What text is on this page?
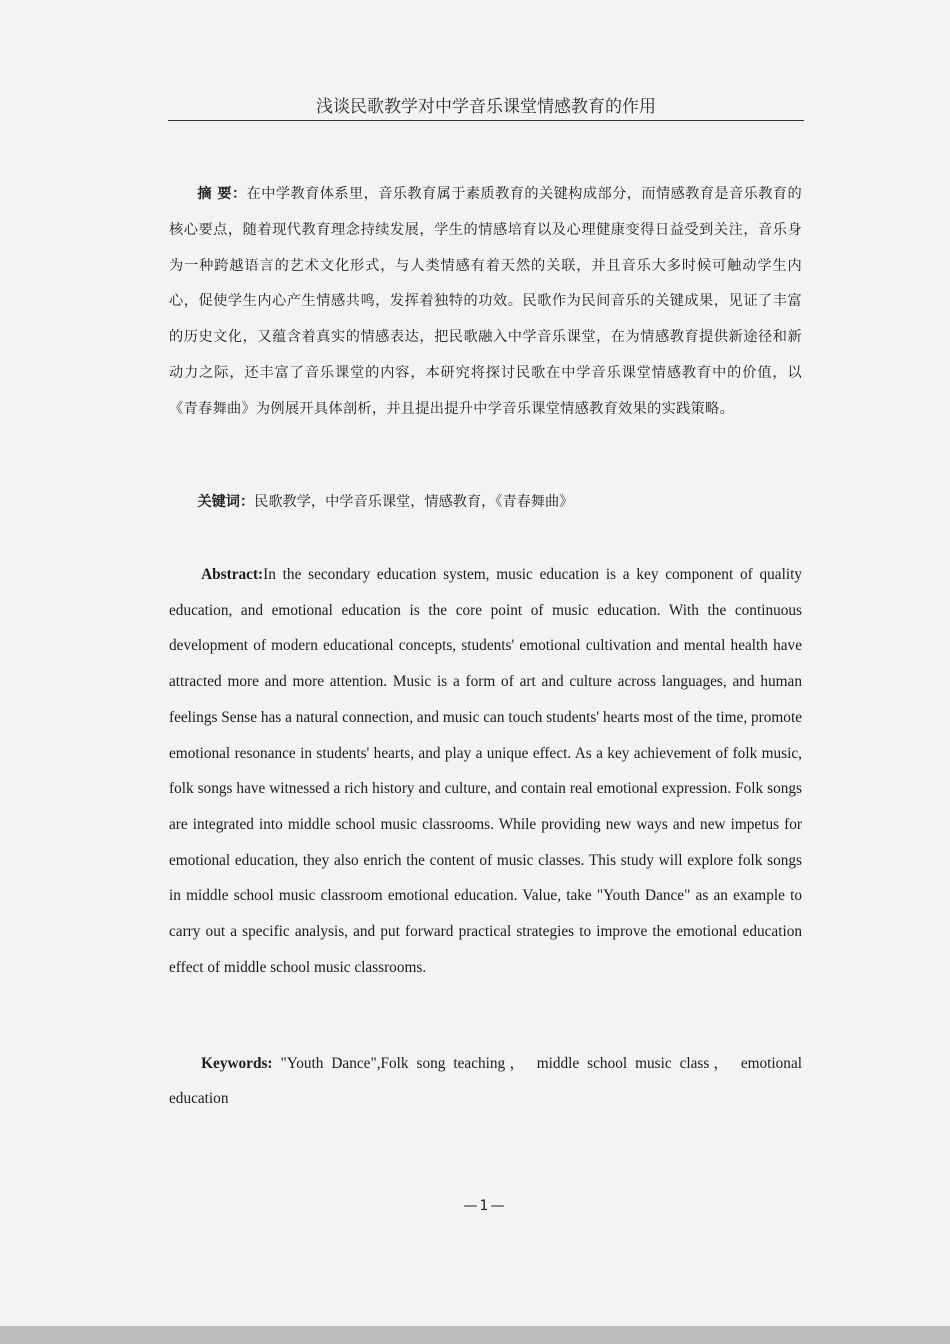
浅谈民歌教学对中学音乐课堂情感教育的作用

摘 要：在中学教育体系里，音乐教育属于素质教育的关键构成部分，而情感教育是音乐教育的核心要点，随着现代教育理念持续发展，学生的情感培育以及心理健康变得日益受到关注，音乐身为一种跨越语言的艺术文化形式，与人类情感有着天然的关联，并且音乐大多时候可触动学生内心，促使学生内心产生情感共鸣，发挥着独特的功效。民歌作为民间音乐的关键成果，见证了丰富的历史文化，又蕴含着真实的情感表达，把民歌融入中学音乐课堂，在为情感教育提供新途径和新动力之际，还丰富了音乐课堂的内容，本研究将探讨民歌在中学音乐课堂情感教育中的价值，以《青春舞曲》为例展开具体剖析，并且提出提升中学音乐课堂情感教育效果的实践策略。

关键词：民歌教学，中学音乐课堂，情感教育，《青春舞曲》

Abstract:In the secondary education system, music education is a key component of quality education, and emotional education is the core point of music education. With the continuous development of modern educational concepts, students' emotional cultivation and mental health have attracted more and more attention. Music is a form of art and culture across languages, and human feelings Sense has a natural connection, and music can touch students' hearts most of the time, promote emotional resonance in students' hearts, and play a unique effect. As a key achievement of folk music, folk songs have witnessed a rich history and culture, and contain real emotional expression. Folk songs are integrated into middle school music classrooms. While providing new ways and new impetus for emotional education, they also enrich the content of music classes. This study will explore folk songs in middle school music classroom emotional education. Value, take "Youth Dance" as an example to carry out a specific analysis, and put forward practical strategies to improve the emotional education effect of middle school music classrooms.

Keywords: "Youth Dance",Folk song teaching， middle school music class， emotional education

—1—
